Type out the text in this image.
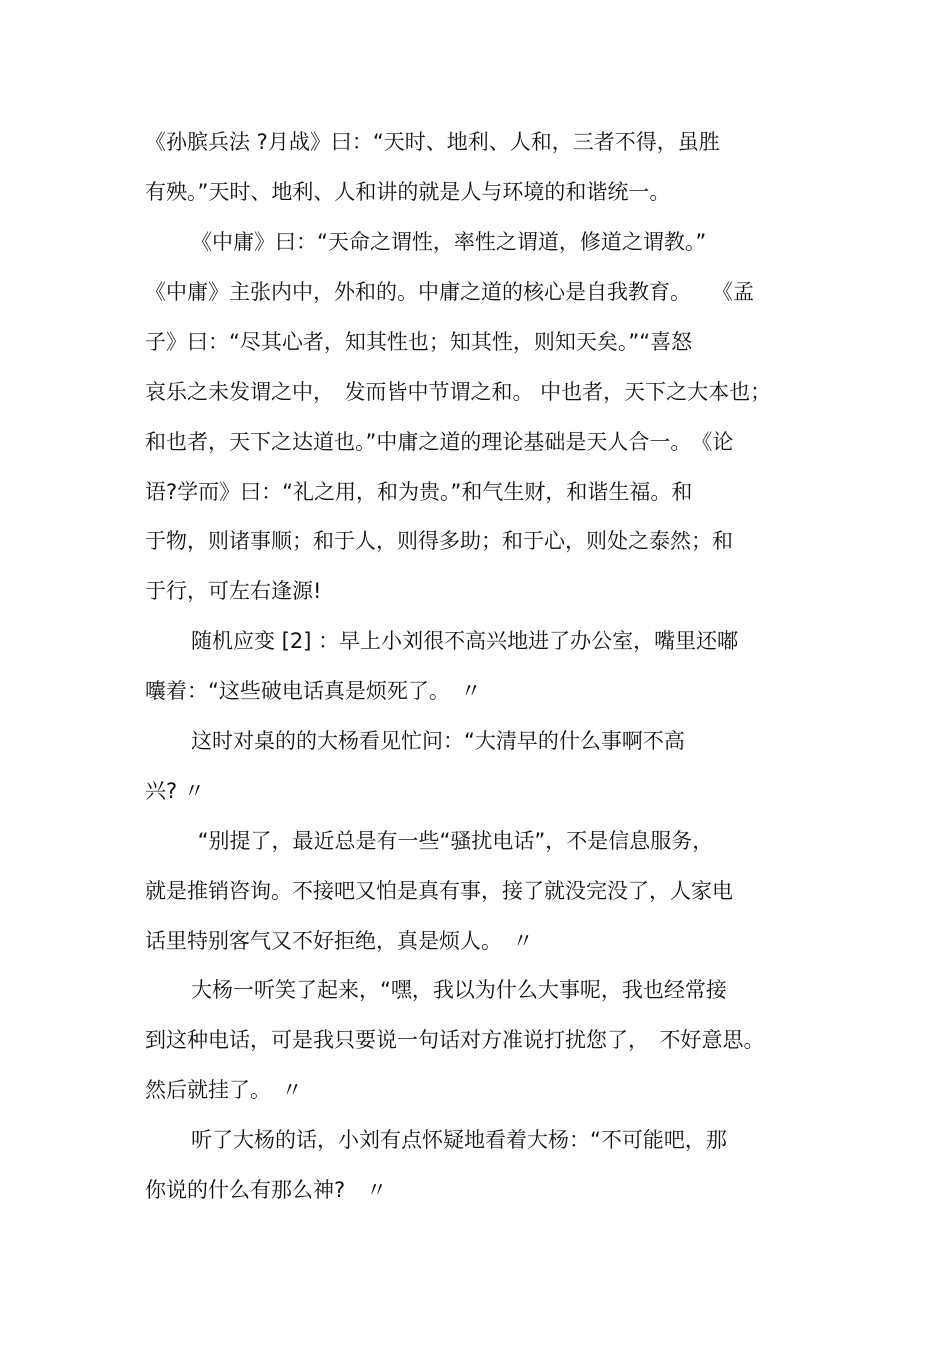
《孙膑兵法 ?月战》曰：“天时、地利、人和，三者不得，虽胜
有殃。”天时、地利、人和讲的就是人与环境的和谐统一。
《中庸》曰：“天命之谓性，率性之谓道，修道之谓教。”
《中庸》主张内中，外和的。中庸之道的核心是自我教育。　　《孟
子》曰：“尽其心者，知其性也；知其性，则知天矣。”“喜怒
哀乐之未发谓之中，　发而皆中节谓之和。 中也者，天下之大本也；
和也者，天下之达道也。”中庸之道的理论基础是天人合一。　《论
语?学而》曰：“礼之用，和为贵。”和气生财，和谐生福。和
于物，则诸事顺；和于人，则得多助；和于心，则处之泰然；和
于行，可左右逢源!
随机应变 [2] ：早上小刘很不高兴地进了办公室，嘴里还嘟
囔着：“这些破电话真是烦死了。　〃
这时对桌的的大杨看见忙问：“大清早的什么事啊不高
兴? 〃
“别提了，最近总是有一些“骚扰电话”，不是信息服务，
就是推销咨询。不接吧又怕是真有事，接了就没完没了，人家电
话里特别客气又不好拒绝，真是烦人。　〃
大杨一听笑了起来，“嘿，我以为什么大事呢，我也经常接
到这种电话，可是我只要说一句话对方准说打扰您了，　不好意思。
然后就挂了。　〃
听了大杨的话，小刘有点怀疑地看着大杨：“不可能吧，那
你说的什么有那么神?　〃
